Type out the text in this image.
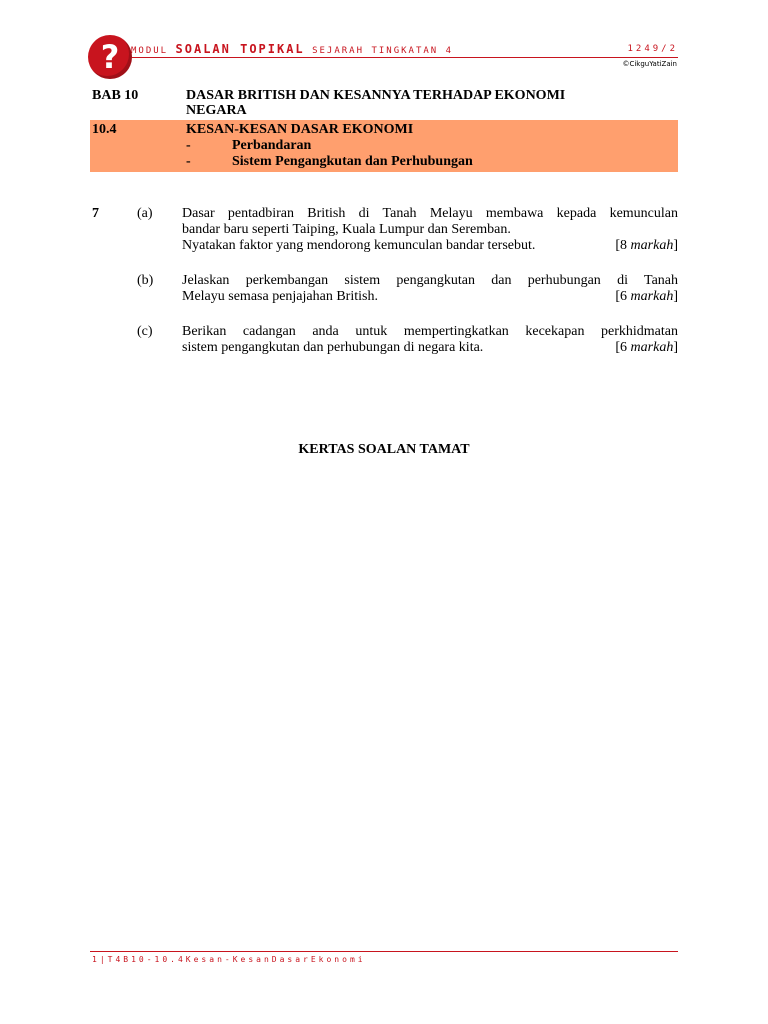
?	MODUL SOALAN TOPIKAL SEJARAH TINGKATAN 4	1249/2
©CikguYatiZain
BAB 10	DASAR BRITISH DAN KESANNYA TERHADAP EKONOMI
NEGARA
10.4	KESAN-KESAN DASAR EKONOMI
-	Perbandaran
-	Sistem Pengangkutan dan Perhubungan
7	(a) Dasar pentadbiran British di Tanah Melayu membawa kepada kemunculan
bandar baru seperti Taiping, Kuala Lumpur dan Seremban.
Nyatakan faktor yang mendorong kemunculan bandar tersebut.	[8 markah]
(b) Jelaskan perkembangan sistem pengangkutan dan perhubungan di Tanah
Melayu semasa penjajahan British.	[6 markah]
(c) Berikan cadangan anda untuk mempertingkatkan kecekapan perkhidmatan
sistem pengangkutan dan perhubungan di negara kita.	[6 markah]
KERTAS SOALAN TAMAT
1|T4B10-10.4Kesan-KesanDasarEkonomi
